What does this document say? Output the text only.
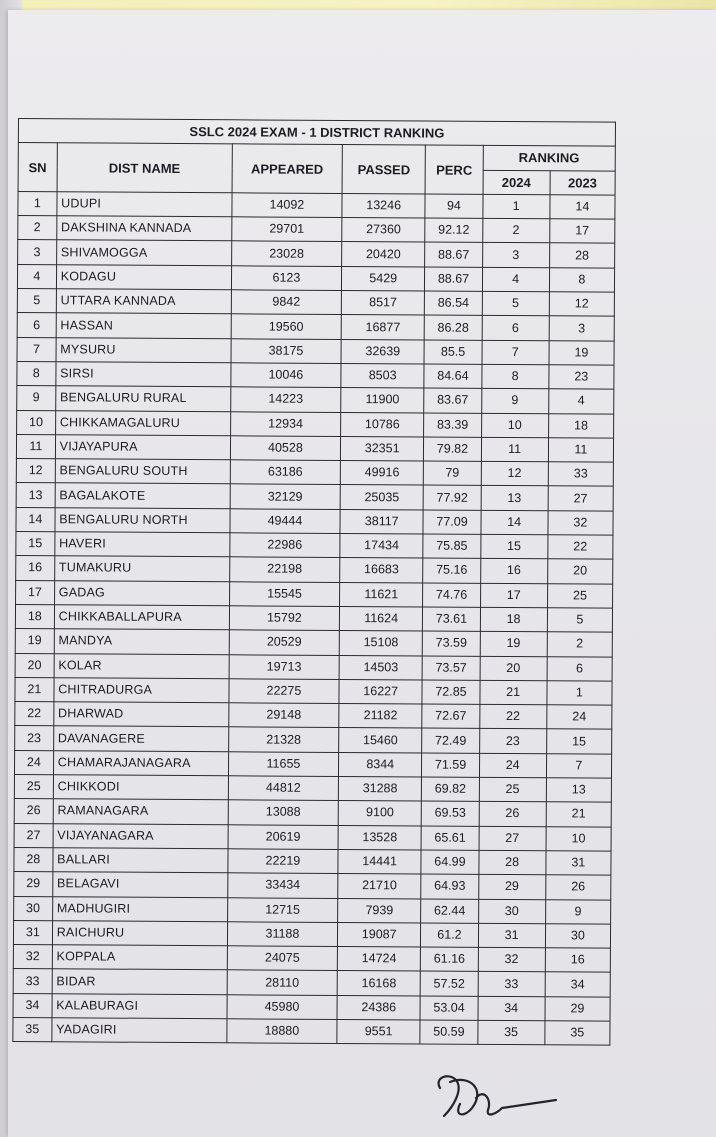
SSLC 2024 EXAM - 1 DISTRICT RANKING						
SN	DIST NAME	APPEARED	PASSED	PERC	RANKING	
					2024	2023
1	UDUPI	14092	13246	94	1	14
2	DAKSHINA KANNADA	29701	27360	92.12	2	17
3	SHIVAMOGGA	23028	20420	88.67	3	28
4	KODAGU	6123	5429	88.67	4	8
5	UTTARA KANNADA	9842	8517	86.54	5	12
6	HASSAN	19560	16877	86.28	6	3
7	MYSURU	38175	32639	85.5	7	19
8	SIRSI	10046	8503	84.64	8	23
9	BENGALURU RURAL	14223	11900	83.67	9	4
10	CHIKKAMAGALURU	12934	10786	83.39	10	18
11	VIJAYAPURA	40528	32351	79.82	11	11
12	BENGALURU SOUTH	63186	49916	79	12	33
13	BAGALAKOTE	32129	25035	77.92	13	27
14	BENGALURU NORTH	49444	38117	77.09	14	32
15	HAVERI	22986	17434	75.85	15	22
16	TUMAKURU	22198	16683	75.16	16	20
17	GADAG	15545	11621	74.76	17	25
18	CHIKKABALLAPURA	15792	11624	73.61	18	5
19	MANDYA	20529	15108	73.59	19	2
20	KOLAR	19713	14503	73.57	20	6
21	CHITRADURGA	22275	16227	72.85	21	1
22	DHARWAD	29148	21182	72.67	22	24
23	DAVANAGERE	21328	15460	72.49	23	15
24	CHAMARAJANAGARA	11655	8344	71.59	24	7
25	CHIKKODI	44812	31288	69.82	25	13
26	RAMANAGARA	13088	9100	69.53	26	21
27	VIJAYANAGARA	20619	13528	65.61	27	10
28	BALLARI	22219	14441	64.99	28	31
29	BELAGAVI	33434	21710	64.93	29	26
30	MADHUGIRI	12715	7939	62.44	30	9
31	RAICHURU	31188	19087	61.2	31	30
32	KOPPALA	24075	14724	61.16	32	16
33	BIDAR	28110	16168	57.52	33	34
34	KALABURAGI	45980	24386	53.04	34	29
35	YADAGIRI	18880	9551	50.59	35	35
